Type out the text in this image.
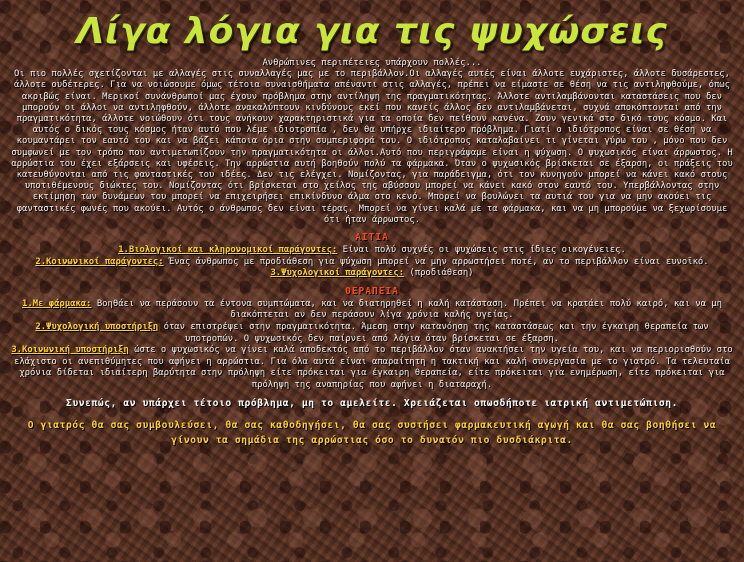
Λίγα λόγια για τις ψυχώσεις

Ανθρώπινες περιπέτειες υπάρχουν πολλές...

Οι πιο πολλές σχετίζονται με αλλαγές στις συναλλαγές μας με το περιβάλλον.Οι αλλαγές αυτές είναι άλλοτε ευχάριστες, άλλοτε δυσάρεστες, άλλοτε ουδέτερες. Για να νοιώσουμε όμως τέτοια συναισθήματα απέναντι στις αλλαγές, πρέπει να είμαστε σε θέση να τις αντιληφθούμε, όπως ακριβώς είναι. Μερικοί συνάνθρωποί μας έχουν πρόβλημα στην αντίληψη της πραγματικότητας. Άλλοτε αντιλαμβάνονται καταστάσεις που δεν μπορούν οι άλλοι να αντιληφθούν, άλλοτε ανακαλύπτουν κινδύνους εκεί που κανείς άλλος δεν αντιλαμβάνεται, συχνά αποκόπτονται από την πραγματικότητα, άλλοτε νοιώθουν ότι τους ανήκουν χαρακτηριστικά για τα οποία δεν πείθουν κανένα. Ζουν γενικά στο δικό τους κόσμο. Και αυτός ο δικός τους κόσμος ήταν αυτό που λέμε ιδιοτροπία , δεν θα υπήρχε ιδιαίτερο πρόβλημα. Γιατί ο ιδιότροπος είναι σε θέση να κουμαντάρει τον εαυτό του και να βάζει κάποια όρια στην συμπεριφορά του. Ο ιδιότροπος καταλαβαίνει τι γίνεται γύρω του , μόνο που δεν συμφωνεί με τον τρόπο που αντιμετωπίζουν την πραγματικότητα οι άλλοι.Αυτό που περιγράψαμε είναι η ψύχωση. Ο ψυχωσικός είναι άρρωστος. Η αρρώστια του έχει εξάρσεις και υφέσεις. Την αρρώστια αυτή βοηθούν πολύ τα φάρμακα. Όταν ο ψυχωσικός βρίσκεται σε έξαρση, οι πράξεις του κατευθύνονται από τις φανταστικές του ιδέες. Δεν τις ελέγχει. Νομίζοντας, για παράδειγμα, ότι τον κυνηγούν μπορεί να κάνει κακό στους υποτιθέμενους διώκτες του. Νομίζοντας ότι βρίσκεται στο χείλος της αβύσσου μπορεί να κάνει κακό στον εαυτό του. Υπερβάλλοντας στην εκτίμηση των δυνάμεων του μπορεί να επιχειρήσει επικίνδυνο άλμα στο κενό. Μπορεί να βουλώνει τα αυτιά του για να μην ακούει τις φανταστικές φωνές που ακούει. Αυτός ο άνθρωπος δεν είναι τέρας. Μπορεί να γίνει καλά με τα φάρμακα, και να μη μπορούμε να ξεχωρίσουμε ότι ήταν άρρωστος.

ΑΙΤΙΑ

1.Βιολογικοί και κληρονομικοί παράγοντες: Είναι πολύ συχνές οι ψυχώσεις στις ίδιες οικογένειες.

2.Κοινωνικοί παράγοντες: Ένας άνθρωπος με προδιάθεση για ψύχωση μπορεί να μην αρρωστήσει ποτέ, αν το περιβάλλον είναι ευνοϊκό.

3.Ψυχολογικοί παράγοντες: (προδιάθεση)

ΘΕΡΑΠΕΙΑ

1.Με φάρμακα: Βοηθάει να περάσουν τα έντονα συμπτώματα, και να διατηρηθεί η καλή κατάσταση. Πρέπει να κρατάει πολύ καιρό, και να μη διακόπτεται αν δεν περάσουν λίγα χρόνια καλής υγείας.

2.Ψυχολογική υποστήριξη όταν επιστρέψει στην πραγματικότητα. Άμεση στην κατανόηση της καταστάσεως και την έγκαιρη θεραπεία των υποτροπών. Ο ψυχωσικός δεν παίρνει από λόγια όταν βρίσκεται σε έξαρση.

3.Κοινωνική υποστήριξη ώστε ο ψυχωσικός να γίνει καλά αποδεκτός από το περιβάλλον όταν ανακτήσει την υγεία του, και να περιορισθούν στο ελάχιστο οι ανεπιθύμητες που αφήνει η αρρώστια. Για όλα αυτά είναι απαραίτητη η τακτική και καλή συνεργασία με το γιατρό. Τα τελευταία χρόνια δίδεται ιδιαίτερη βαρύτητα στην πρόληψη είτε πρόκειται για έγκαιρη θεραπεία, είτε πρόκειται για ενημέρωση, είτε πρόκειται για πρόληψη της αναπηρίας που αφήνει η διαταραχή.

Συνεπώς, αν υπάρχει τέτοιο πρόβλημα, μη το αμελείτε. Χρειάζεται οπωσδήποτε ιατρική αντιμετώπιση.
Ο γιατρός θα σας συμβουλεύσει, θα σας καθοδηγήσει, θα σας συστήσει φαρμακευτική αγωγή και θα σας βοηθήσει να γίνουν τα σημάδια της αρρώστιας όσο το δυνατόν πιο δυσδιάκριτα.
